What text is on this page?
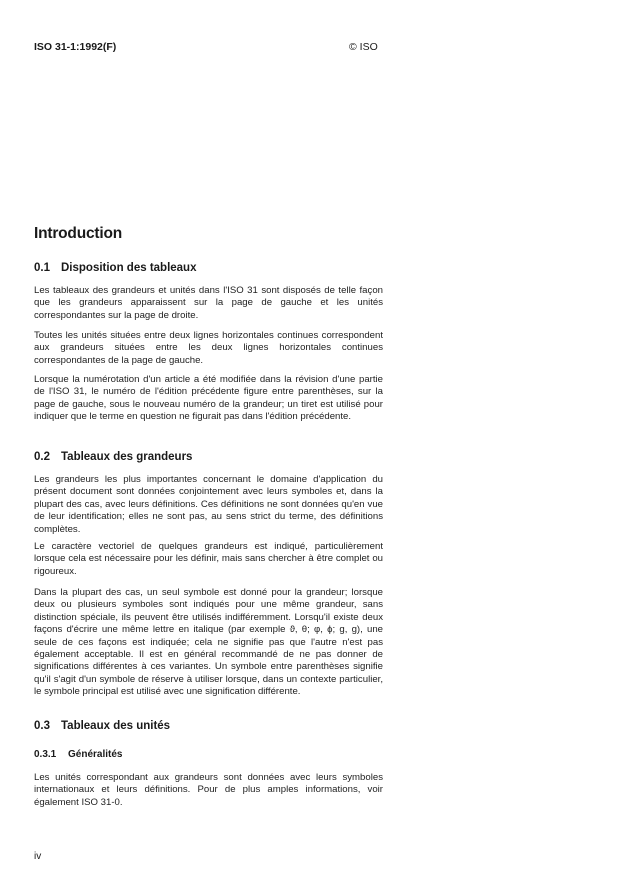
ISO 31-1:1992(F)	© ISO
Introduction
0.1 Disposition des tableaux
Les tableaux des grandeurs et unités dans l'ISO 31 sont disposés de telle façon que les grandeurs apparaissent sur la page de gauche et les unités correspondantes sur la page de droite.
Toutes les unités situées entre deux lignes horizontales continues correspondent aux grandeurs situées entre les deux lignes horizontales continues correspondantes de la page de gauche.
Lorsque la numérotation d'un article a été modifiée dans la révision d'une partie de l'ISO 31, le numéro de l'édition précédente figure entre parenthèses, sur la page de gauche, sous le nouveau numéro de la grandeur; un tiret est utilisé pour indiquer que le terme en question ne figurait pas dans l'édition précédente.
0.2 Tableaux des grandeurs
Les grandeurs les plus importantes concernant le domaine d'application du présent document sont données conjointement avec leurs symboles et, dans la plupart des cas, avec leurs définitions. Ces définitions ne sont données qu'en vue de leur identification; elles ne sont pas, au sens strict du terme, des définitions complètes.
Le caractère vectoriel de quelques grandeurs est indiqué, particulièrement lorsque cela est nécessaire pour les définir, mais sans chercher à être complet ou rigoureux.
Dans la plupart des cas, un seul symbole est donné pour la grandeur; lorsque deux ou plusieurs symboles sont indiqués pour une même grandeur, sans distinction spéciale, ils peuvent être utilisés indifféremment. Lorsqu'il existe deux façons d'écrire une même lettre en italique (par exemple ϑ, θ; φ, ϕ; g, g), une seule de ces façons est indiquée; cela ne signifie pas que l'autre n'est pas également acceptable. Il est en général recommandé de ne pas donner de significations différentes à ces variantes. Un symbole entre parenthèses signifie qu'il s'agit d'un symbole de réserve à utiliser lorsque, dans un contexte particulier, le symbole principal est utilisé avec une signification différente.
0.3 Tableaux des unités
0.3.1 Généralités
Les unités correspondant aux grandeurs sont données avec leurs symboles internationaux et leurs définitions. Pour de plus amples informations, voir également ISO 31-0.
iv
